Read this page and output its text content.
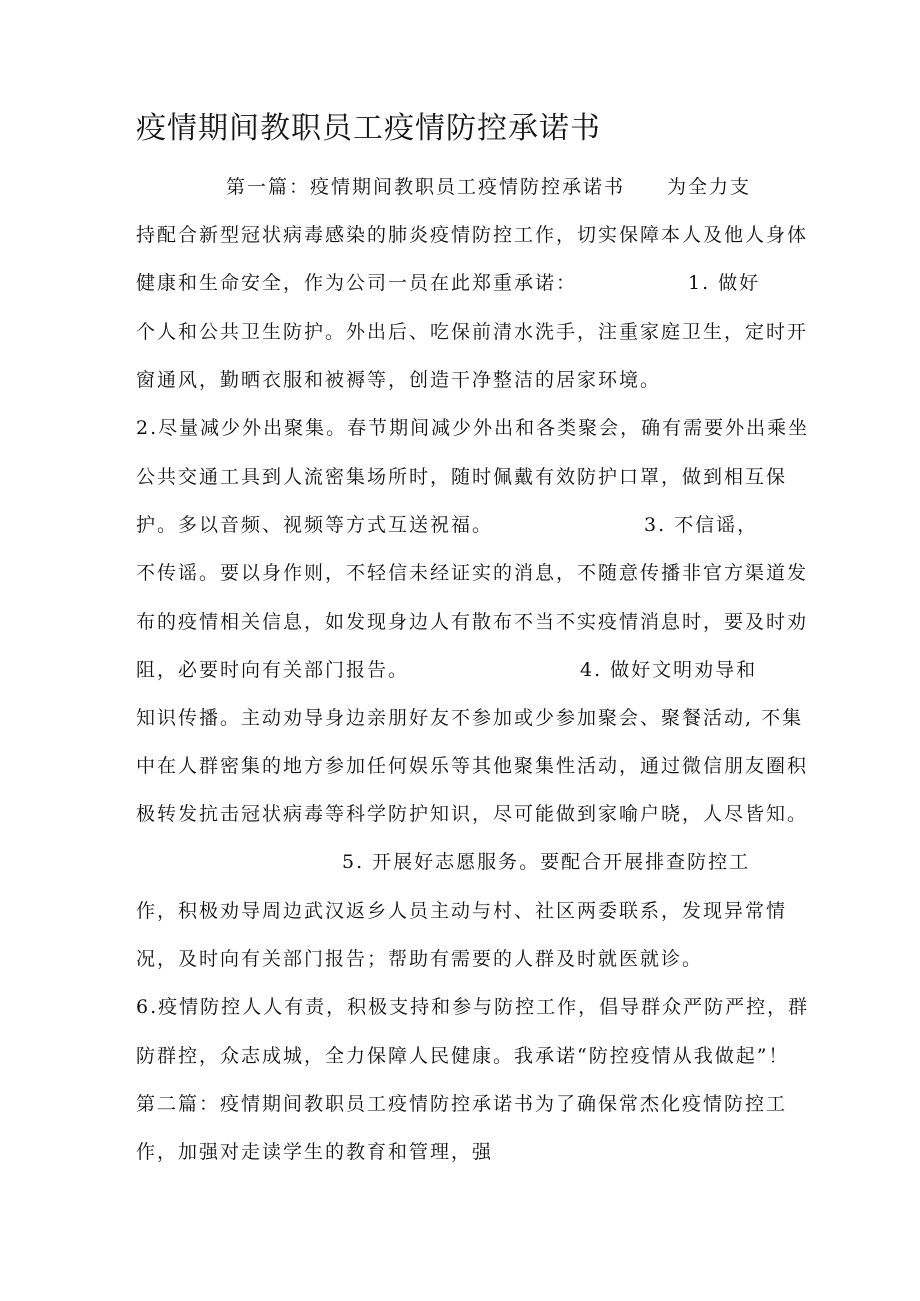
疫情期间教职员工疫情防控承诺书
第一篇：疫情期间教职员工疫情防控承诺书 为全力支
持配合新型冠状病毒感染的肺炎疫情防控工作，切实保障本人及他人身体
健康和生命安全，作为公司一员在此郑重承诺：	1. 做好
个人和公共卫生防护。外出后、吃保前清水洗手，注重家庭卫生，定时开
窗通风，勤晒衣服和被褥等，创造干净整洁的居家环境。
2.尽量减少外出聚集。春节期间减少外出和各类聚会，确有需要外出乘坐
公共交通工具到人流密集场所时，随时佩戴有效防护口罩，做到相互保
护。多以音频、视频等方式互送祝福。	3. 不信谣，
不传谣。要以身作则，不轻信未经证实的消息，不随意传播非官方渠道发
布的疫情相关信息，如发现身边人有散布不当不实疫情消息时，要及时劝
阻，必要时向有关部门报告。	4. 做好文明劝导和
知识传播。主动劝导身边亲朋好友不参加或少参加聚会、聚餐活动, 不集
中在人群密集的地方参加任何娱乐等其他聚集性活动，通过微信朋友圈积
极转发抗击冠状病毒等科学防护知识，尽可能做到家喻户晓，人尽皆知。
5. 开展好志愿服务。要配合开展排查防控工
作，积极劝导周边武汉返乡人员主动与村、社区两委联系，发现异常情
况，及时向有关部门报告；帮助有需要的人群及时就医就诊。
6.疫情防控人人有责，积极支持和参与防控工作，倡导群众严防严控，群
防群控，众志成城，全力保障人民健康。我承诺“防控疫情从我做起”！
第二篇：疫情期间教职员工疫情防控承诺书为了确保常杰化疫情防控工
作，加强对走读学生的教育和管理，强
